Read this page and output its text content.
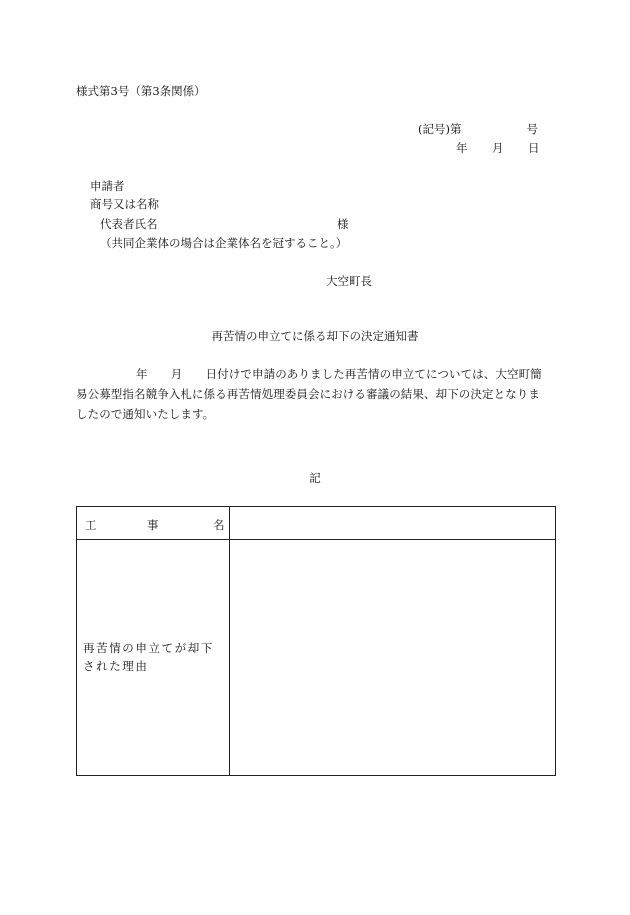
様式第3号（第3条関係）
(記号)第	号
年 月 日
申請者
商号又は名称
代表者氏名	様
（共同企業体の場合は企業体名を冠すること。）
大空町長
再苦情の申立てに係る却下の決定通知書
年　　月　　日付けで申請のありました再苦情の申立てについては、大空町簡
易公募型指名競争入札に係る再苦情処理委員会における審議の結果、却下の決定となりま
したので通知いたします。
記
工	事	名
再苦情の申立てが却下された理由
